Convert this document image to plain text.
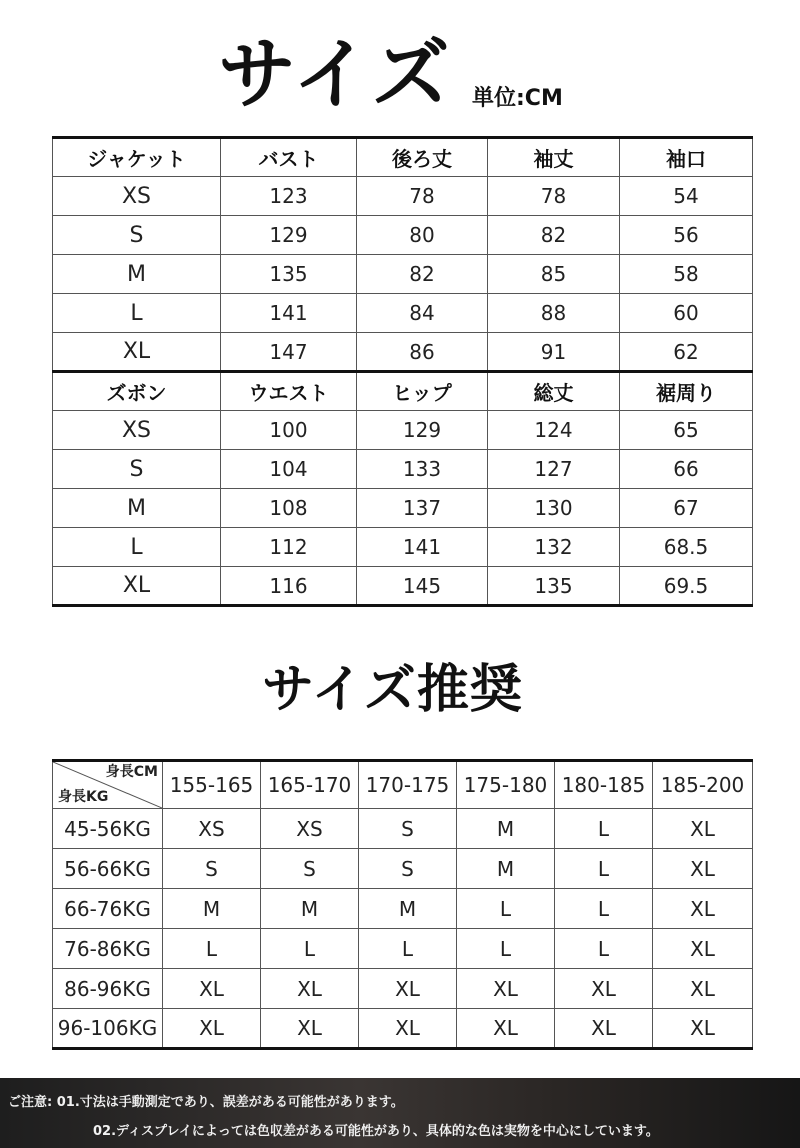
サイズ 単位:CM
ジャケット	バスト	後ろ丈	袖丈	袖口
XS	123	78	78	54
S	129	80	82	56
M	135	82	85	58
L	141	84	88	60
XL	147	86	91	62
ズボン	ウエスト	ヒップ	総丈	裾周り
XS	100	129	124	65
S	104	133	127	66
M	108	137	130	67
L	112	141	132	68.5
XL	116	145	135	69.5
サイズ推奨
身長CM
身長KG	155-165	165-170	170-175	175-180	180-185	185-200
45-56KG	XS	XS	S	M	L	XL
56-66KG	S	S	S	M	L	XL
66-76KG	M	M	M	L	L	XL
76-86KG	L	L	L	L	L	XL
86-96KG	XL	XL	XL	XL	XL	XL
96-106KG	XL	XL	XL	XL	XL	XL
ご注意: 01.寸法は手動測定であり、誤差がある可能性があります。
02.ディスプレイによっては色収差がある可能性があり、具体的な色は実物を中心にしています。
